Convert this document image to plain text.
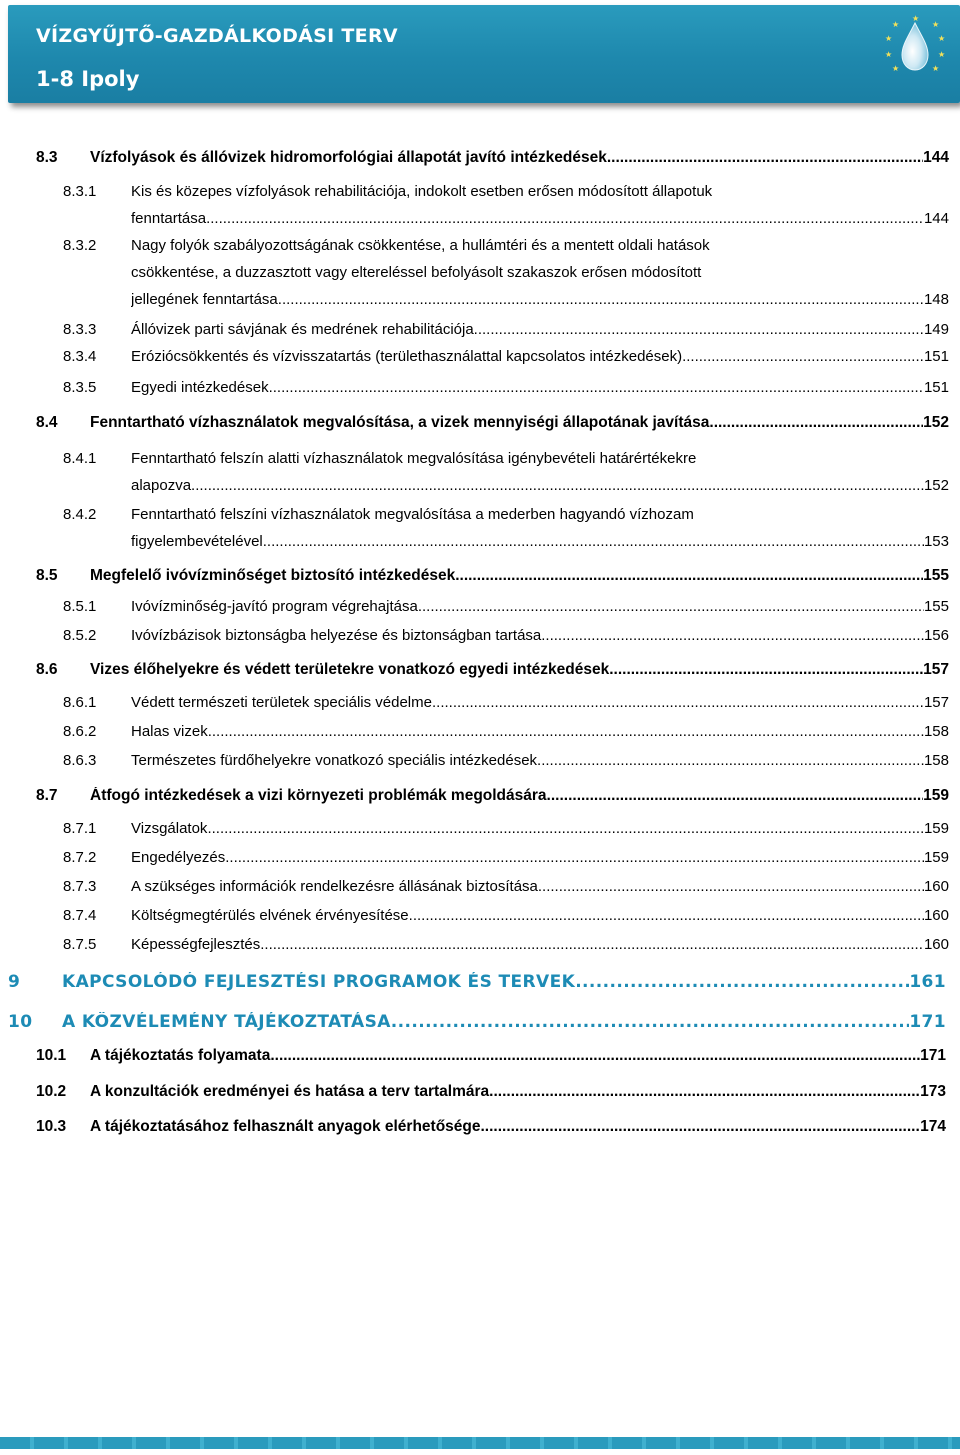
VÍZGYŰJTŐ-GAZDÁLKODÁSI TERV
1-8 Ipoly
★
★
★
★
★
★
★
★
★
8.3 Vízfolyások és állóvizek hidromorfológiai állapotát javító intézkedések .....	144
8.3.1 Kis és közepes vízfolyások rehabilitációja, indokolt esetben erősen módosított állapotuk
fenntartása .....	144
8.3.2 Nagy folyók szabályozottságának csökkentése, a hullámtéri és a mentett oldali hatások
csökkentése, a duzzasztott vagy eltereléssel befolyásolt szakaszok erősen módosított
jellegének fenntartása .....	148
8.3.3 Állóvizek parti sávjának és medrének rehabilitációja .....	149
8.3.4 Eróziócsökkentés és vízvisszatartás (területhasználattal kapcsolatos intézkedések) .....	151
8.3.5 Egyedi intézkedések .....	151
8.4 Fenntartható vízhasználatok megvalósítása, a vizek mennyiségi állapotának javítása .....	152
8.4.1 Fenntartható felszín alatti vízhasználatok megvalósítása igénybevételi határértékekre
alapozva .....	152
8.4.2 Fenntartható felszíni vízhasználatok megvalósítása a mederben hagyandó vízhozam
figyelembevételével .....	153
8.5 Megfelelő ivóvízminőséget biztosító intézkedések .....	155
8.5.1 Ivóvízminőség-javító program végrehajtása .....	155
8.5.2 Ivóvízbázisok biztonságba helyezése és biztonságban tartása .....	156
8.6 Vizes élőhelyekre és védett területekre vonatkozó egyedi intézkedések .....	157
8.6.1 Védett természeti területek speciális védelme .....	157
8.6.2 Halas vizek .....	158
8.6.3 Természetes fürdőhelyekre vonatkozó speciális intézkedések .....	158
8.7 Átfogó intézkedések a vizi környezeti problémák megoldására .....	159
8.7.1 Vizsgálatok .....	159
8.7.2 Engedélyezés .....	159
8.7.3 A szükséges információk rendelkezésre állásának biztosítása .....	160
8.7.4 Költségmegtérülés elvének érvényesítése .....	160
8.7.5 Képességfejlesztés .....	160
9 KAPCSOLÓDÓ FEJLESZTÉSI PROGRAMOK ÉS TERVEK .....	161
10 A KÖZVÉLEMÉNY TÁJÉKOZTATÁSA .....	171
10.1 A tájékoztatás folyamata .....	171
10.2 A konzultációk eredményei és hatása a terv tartalmára .....	173
10.3 A tájékoztatásához felhasznált anyagok elérhetősége .....	174
